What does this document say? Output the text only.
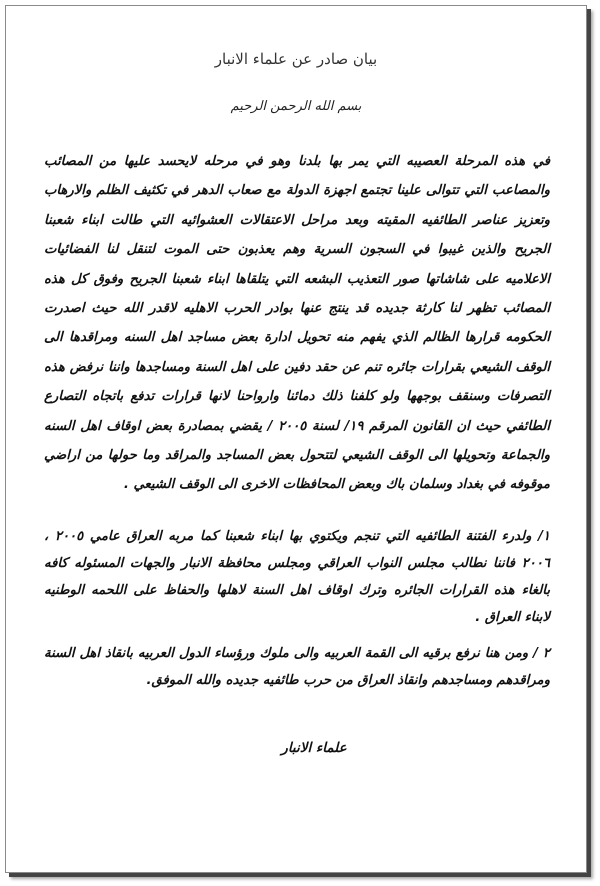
بيان صادر عن علماء الانبار
بسم الله الرحمن الرحيم
في هذه المرحلة العصيبه التي يمر بها بلدنا وهو في مرحله لايحسد عليها من المصائب والمصاعب التي تتوالى علينا تجتمع اجهزة الدولة مع صعاب الدهر في تكثيف الظلم والارهاب وتعزيز عناصر الطائفيه المقيته وبعد مراحل الاعتقالات العشوائيه التي طالت ابناء شعبنا الجريح والذين غيبوا في السجون السرية وهم يعذبون حتى الموت لتنقل لنا الفضائيات الاعلاميه على شاشاتها صور التعذيب البشعه التي يتلقاها ابناء شعبنا الجريح وفوق كل هذه المصائب تظهر لنا كارثة جديده قد ينتج عنها بوادر الحرب الاهليه لاقدر الله حيث اصدرت الحكومه قرارها الظالم الذي يفهم منه تحويل ادارة بعض مساجد اهل السنه ومراقدها الى الوقف الشيعي بقرارات جائره تنم عن حقد دفين على اهل السنة ومساجدها واننا نرفض هذه التصرفات وسنقف بوجهها ولو كلفنا ذلك دمائنا وارواحنا لانها قرارات تدفع باتجاه التصارع الطائفي حيث ان القانون المرقم ١٩/ لسنة ٢٠٠٥ / يقضي بمصادرة بعض اوقاف اهل السنه والجماعة وتحويلها الى الوقف الشيعي لتتحول بعض المساجد والمراقد وما حولها من اراضي موقوفه في بغداد وسلمان باك وبعض المحافظات الاخرى الى الوقف الشيعي .
١/ ولدرء الفتنة الطائفيه التي تنجم ويكتوي بها ابناء شعبنا كما مربه العراق عامي ٢٠٠٥ ، ٢٠٠٦ فاننا نطالب مجلس النواب العراقي ومجلس محافظة الانبار والجهات المسئوله كافه بالغاء هذه القرارات الجائره وترك اوقاف اهل السنة لاهلها والحفاظ على اللحمه الوطنيه لابناء العراق .
٢ / ومن هنا نرفع برقيه الى القمة العربيه والى ملوك ورؤساء الدول العربيه بانقاذ اهل السنة ومراقدهم ومساجدهم وانقاذ العراق من حرب طائفيه جديده والله الموفق.
علماء الانبار
